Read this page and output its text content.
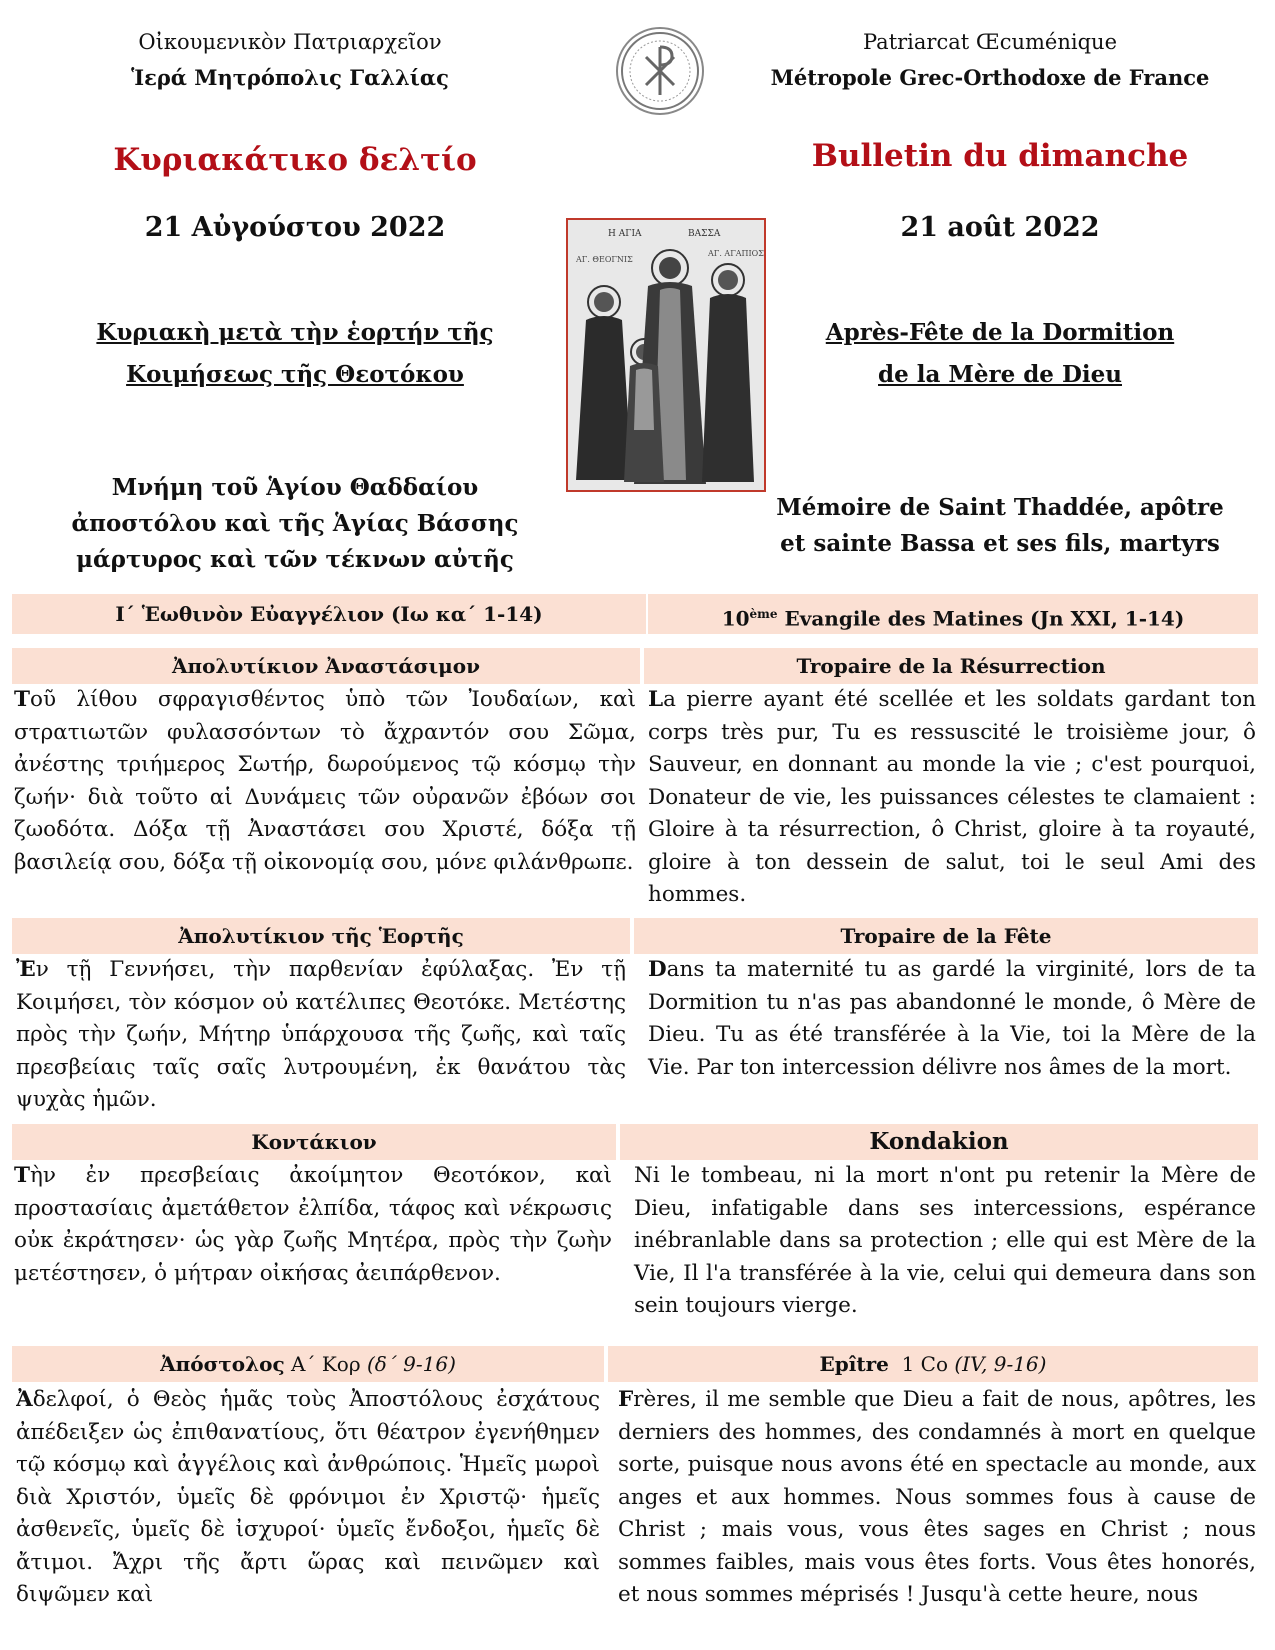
Οἰκουμενικὸν Πατριαρχεῖον
Ἱερά Μητρόπολις Γαλλίας
Patriarcat Œcuménique
Métropole Grec-Orthodoxe de France
Κυριακάτικο δελτίο	Bulletin du dimanche
21 Αὐγούστου 2022	21 août 2022
Η ΑΓΙΑ	ΒΑΣΣΑ
ΑΓ. ΘΕΟΓΝΙΣ
ΑΓ. ΑΓΑΠΙΟΣ
Κυριακὴ μετὰ τὴν ἑορτήν τῆς
Κοιμήσεως τῆς Θεοτόκου
Après-Fête de la Dormition
de la Mère de Dieu
Μνήμη τοῦ Ἁγίου Θαδδαίου
ἀποστόλου καὶ τῆς Ἁγίας Βάσσης
μάρτυρος καὶ τῶν τέκνων αὐτῆς
Mémoire de Saint Thaddée, apôtre
et sainte Bassa et ses fils, martyrs
Ι΄ Ἑωθινὸν Εὐαγγέλιον (Ιω κα΄ 1-14)	10ème Evangile des Matines (Jn XXI, 1-14)
Ἀπολυτίκιον Ἀναστάσιμον	Tropaire de la Résurrection
Τοῦ λίθου σφραγισθέντος ὑπὸ τῶν Ἰουδαίων, καὶ στρατιωτῶν φυλασσόντων τὸ ἄχραντόν σου Σῶμα, ἀνέστης τριήμερος Σωτήρ, δωρούμενος τῷ κόσμῳ τὴν ζωήν· διὰ τοῦτο αἱ Δυνάμεις τῶν οὐρανῶν ἐβόων σοι ζωοδότα. Δόξα τῇ Ἀναστάσει σου Χριστέ, δόξα τῇ βασιλείᾳ σου, δόξα τῇ οἰκονομίᾳ σου, μόνε φιλάνθρωπε.
La pierre ayant été scellée et les soldats gardant ton corps très pur, Tu es ressuscité le troisième jour, ô Sauveur, en donnant au monde la vie ; c'est pourquoi, Donateur de vie, les puissances célestes te clamaient : Gloire à ta résurrection, ô Christ, gloire à ta royauté, gloire à ton dessein de salut, toi le seul Ami des hommes.
Ἀπολυτίκιον τῆς Ἑορτῆς	Tropaire de la Fête
Ἐν τῇ Γεννήσει, τὴν παρθενίαν ἐφύλαξας. Ἐν τῇ Κοιμήσει, τὸν κόσμον οὐ κατέλιπες Θεοτόκε. Μετέστης πρὸς τὴν ζωήν, Μήτηρ ὑπάρχουσα τῆς ζωῆς, καὶ ταῖς πρεσβείαις ταῖς σαῖς λυτρουμένη, ἐκ θανάτου τὰς ψυχὰς ἡμῶν.
Dans ta maternité tu as gardé la virginité, lors de ta Dormition tu n'as pas abandonné le monde, ô Mère de Dieu. Tu as été transférée à la Vie, toi la Mère de la Vie. Par ton intercession délivre nos âmes de la mort.
Κοντάκιον	Kondakion
Τὴν ἐν πρεσβείαις ἀκοίμητον Θεοτόκον, καὶ προστασίαις ἀμετάθετον ἐλπίδα, τάφος καὶ νέκρωσις οὐκ ἐκράτησεν· ὡς γὰρ ζωῆς Μητέρα, πρὸς τὴν ζωὴν μετέστησεν, ὁ μήτραν οἰκήσας ἀειπάρθενον.
Ni le tombeau, ni la mort n'ont pu retenir la Mère de Dieu, infatigable dans ses intercessions, espérance inébranlable dans sa protection ; elle qui est Mère de la Vie, Il l'a transférée à la vie, celui qui demeura dans son sein toujours vierge.
Ἀπόστολος Α΄ Κορ (δ΄ 9-16)	Epître  1 Co (IV, 9-16)
Ἀδελφοί, ὁ Θεὸς ἡμᾶς τοὺς Ἀποστόλους ἐσχάτους ἀπέδειξεν ὡς ἐπιθανατίους, ὅτι θέατρον ἐγενήθημεν τῷ κόσμῳ καὶ ἀγγέλοις καὶ ἀνθρώποις. Ἡμεῖς μωροὶ διὰ Χριστόν, ὑμεῖς δὲ φρόνιμοι ἐν Χριστῷ· ἡμεῖς ἀσθενεῖς, ὑμεῖς δὲ ἰσχυροί· ὑμεῖς ἔνδοξοι, ἡμεῖς δὲ ἄτιμοι. Ἄχρι τῆς ἄρτι ὥρας καὶ πεινῶμεν καὶ διψῶμεν καὶ
Frères, il me semble que Dieu a fait de nous, apôtres, les derniers des hommes, des condamnés à mort en quelque sorte, puisque nous avons été en spectacle au monde, aux anges et aux hommes. Nous sommes fous à cause de Christ ; mais vous, vous êtes sages en Christ ; nous sommes faibles, mais vous êtes forts. Vous êtes honorés, et nous sommes méprisés ! Jusqu'à cette heure, nous
